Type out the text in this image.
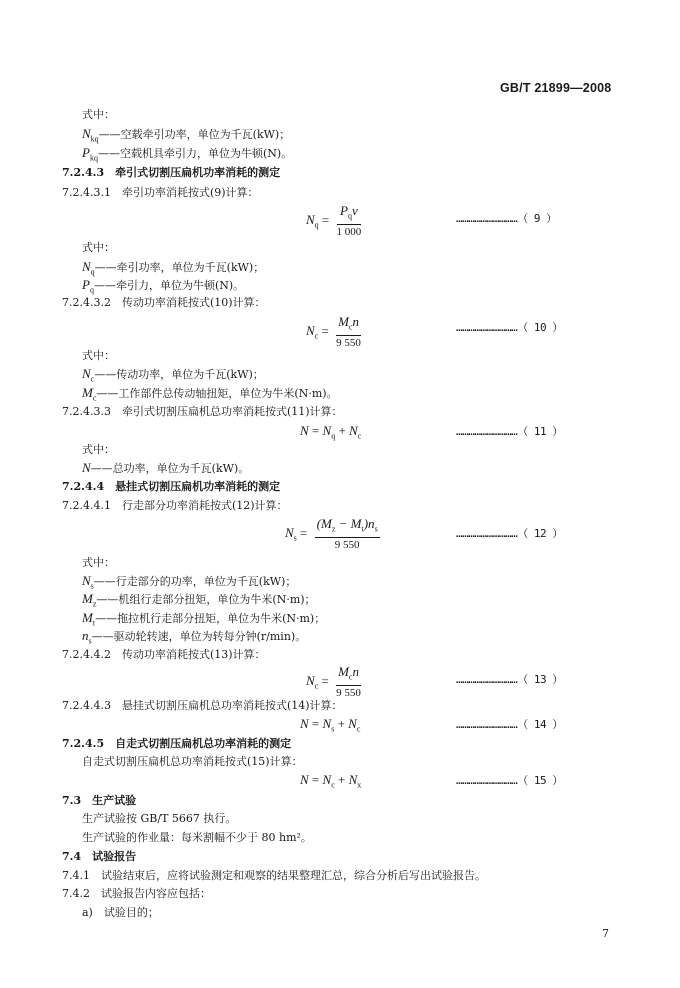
GB/T 21899—2008
式中：
$N_{kq}——$空载牵引功率，单位为千瓦(kW)；
$P_{kq}——$空载机具牵引力，单位为牛顿(N)。
7.2.4.3　牵引式切割压扁机功率消耗的测定
7.2.4.3.1　牵引功率消耗按式(9)计算：
$N_q = \frac{P_qv}{1 000}$	…………………………（ 9 ）
式中：
$N_q——$牵引功率，单位为千瓦(kW)；
$P_q——$牵引力，单位为牛顿(N)。
7.2.4.3.2　传动功率消耗按式(10)计算：
$N_c = \frac{M_cn}{9 550}$	…………………………（ 10 ）
式中：
$N_c——$传动功率，单位为千瓦(kW)；
$M_c——$工作部件总传动轴扭矩，单位为牛米(N·m)。
7.2.4.3.3　牵引式切割压扁机总功率消耗按式(11)计算：
$N = N_q + N_c$	…………………………（ 11 ）
式中：
N——总功率，单位为千瓦(kW)。
7.2.4.4　悬挂式切割压扁机功率消耗的测定
7.2.4.4.1　行走部分功率消耗按式(12)计算：
$N_s = \frac{(M_z - M_t)n_s}{9 550}$	…………………………（ 12 ）
式中：
$N_s——$行走部分的功率，单位为千瓦(kW)；
$M_z——$机组行走部分扭矩，单位为牛米(N·m)；
$M_t——$拖拉机行走部分扭矩，单位为牛米(N·m)；
$n_s——$驱动轮转速，单位为转每分钟(r/min)。
7.2.4.4.2　传动功率消耗按式(13)计算：
$N_c = \frac{M_cn}{9 550}$	…………………………（ 13 ）
7.2.4.4.3　悬挂式切割压扁机总功率消耗按式(14)计算：
$N = N_s + N_c$	…………………………（ 14 ）
7.2.4.5　自走式切割压扁机总功率消耗的测定
自走式切割压扁机总功率消耗按式(15)计算：
$N = N_c + N_x$	…………………………（ 15 ）
7.3　生产试验
生产试验按 GB/T 5667 执行。
生产试验的作业量：每米割幅不少于 80 hm²。
7.4　试验报告
7.4.1　试验结束后，应将试验测定和观察的结果整理汇总，综合分析后写出试验报告。
7.4.2　试验报告内容应包括：
a)　试验目的；
7
